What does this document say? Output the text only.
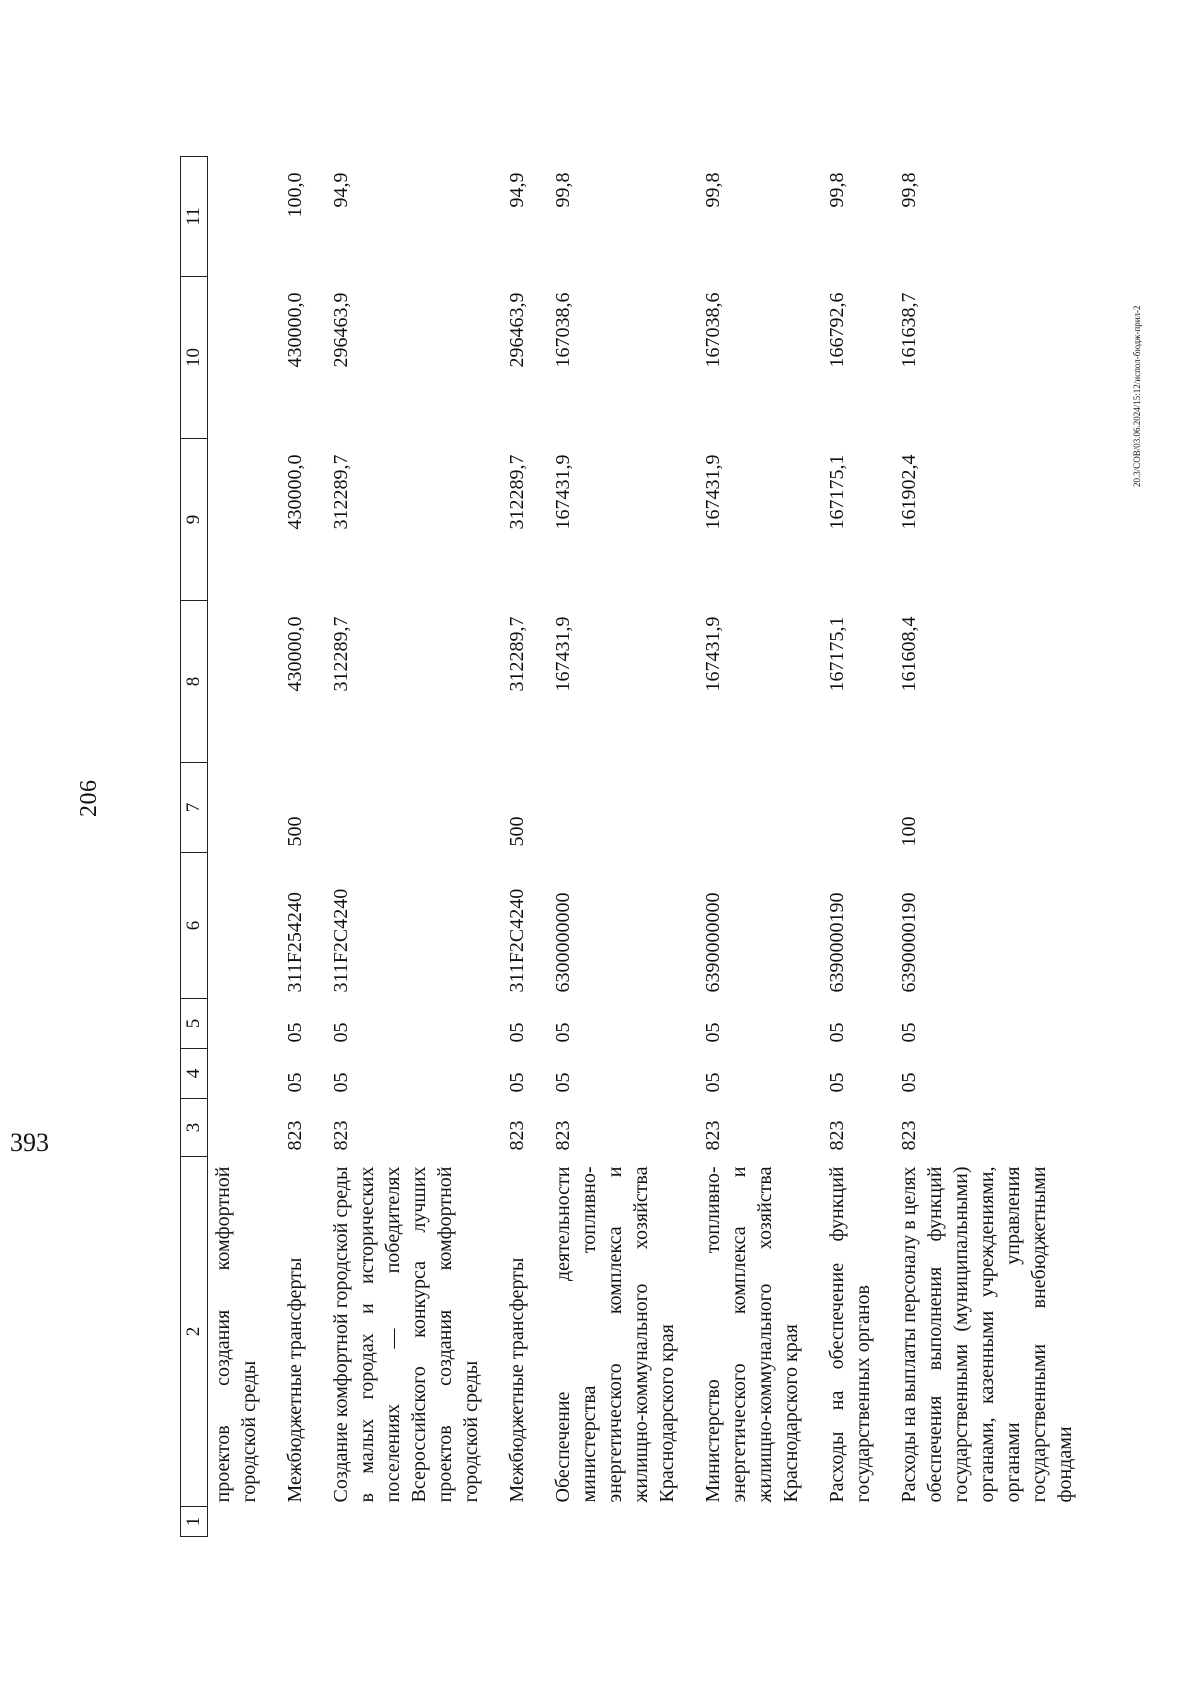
206
1	2	3	4	5	6	7	8	9	10	11
	проектов создания комфортной городской среды									
	Межбюджетные трансферты	823	05	05	311F254240	500	430000,0	430000,0	430000,0	100,0
	Создание комфортной городской среды в малых городах и исторических поселениях — победителях Всероссийского конкурса лучших проектов создания комфортной городской среды	823	05	05	311F2C4240		312289,7	312289,7	296463,9	94,9
	Межбюджетные трансферты	823	05	05	311F2C4240	500	312289,7	312289,7	296463,9	94,9
	Обеспечение деятельности министерства топливно-энергетического комплекса и жилищно-коммунального хозяйства Краснодарского края	823	05	05	6300000000		167431,9	167431,9	167038,6	99,8
	Министерство топливно-энергетического комплекса и жилищно-коммунального хозяйства Краснодарского края	823	05	05	6390000000		167431,9	167431,9	167038,6	99,8
	Расходы на обеспечение функций государственных органов	823	05	05	6390000190		167175,1	167175,1	166792,6	99,8
	Расходы на выплаты персоналу в целях обеспечения выполнения функций государственными (муниципальными) органами, казенными учреждениями, органами управления государственными внебюджетными фондами	823	05	05	6390000190	100	161608,4	161902,4	161638,7	99,8
20.3/СОВ/03.06.2024/15:12/испол-бюдж-прил-2
393
